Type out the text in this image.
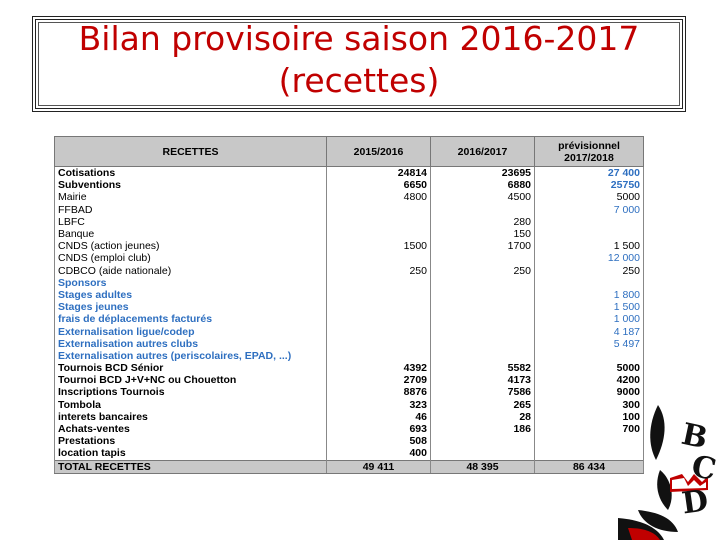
Bilan provisoire saison 2016-2017
(recettes)
RECETTES	2015/2016	2016/2017	prévisionnel 2017/2018
Cotisations	24814	23695	27 400
Subventions	6650	6880	25750
Mairie	4800	4500	5000
FFBAD			7 000
LBFC		280	
Banque		150	
CNDS (action jeunes)	1500	1700	1 500
CNDS (emploi club)			12 000
CDBCO (aide nationale)	250	250	250
Sponsors			
Stages adultes			1 800
Stages jeunes			1 500
frais de déplacements facturés			1 000
Externalisation ligue/codep			4 187
Externalisation autres clubs			5 497
Externalisation autres (periscolaires, EPAD, ...)			
Tournois BCD Sénior	4392	5582	5000
Tournoi BCD J+V+NC ou Chouetton	2709	4173	4200
Inscriptions Tournois	8876	7586	9000
Tombola	323	265	300
interets bancaires	46	28	100
Achats-ventes	693	186	700
Prestations	508		
location tapis	400		
TOTAL RECETTES	49 411	48 395	86 434
B
C
D
